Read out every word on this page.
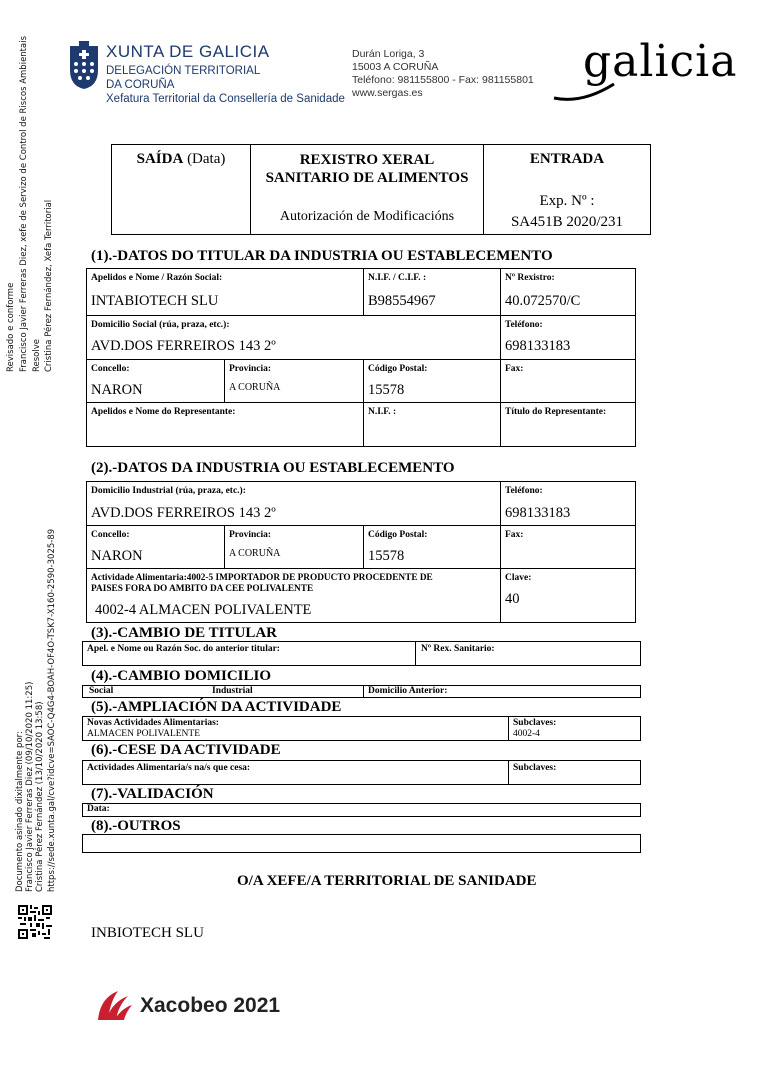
Revisado e conforme Francisco Javier Ferreras Diez, xefe de Servizo de Control de Riscos Ambientais Resolve Cristina Pérez Fernández, Xefa Territorial
Documento asinado dixitalmente por: Francisco Javier Ferreras Diez (09/10/2020 11:25) Cristina Pérez Fernández (13/10/2020 13:58) https://sede.xunta.gal/cve?idcve=SAOC-Q4G4-BOAH-OF4O-TSK7-X160-2590-3025-89
XUNTA DE GALICIA
DELEGACIÓN TERRITORIAL
DA CORUÑA
Xefatura Territorial da Consellería de Sanidade
Durán Loriga, 3
15003 A CORUÑA
Teléfono: 981155800 - Fax: 981155801
www.sergas.es
galicia
SAÍDA (Data)	REXISTRO XERAL
SANITARIO DE ALIMENTOS
Autorización de Modificacións
ENTRADA
Exp. Nº :
SA451B 2020/231
(1).-DATOS DO TITULAR DA INDUSTRIA OU ESTABLECEMENTO
Apelidos e Nome / Razón Social:
INTABIOTECH SLU
N.I.F. / C.I.F. :
B98554967
Nº Rexistro:
40.072570/C
Domicilio Social (rúa, praza, etc.):
AVD.DOS FERREIROS 143 2º
Teléfono:
698133183
Concello:
NARON
Provincia:
A CORUÑA
Código Postal:
15578
Fax:
Apelidos e Nome do Representante:	N.I.F. :	Título do Representante:
(2).-DATOS DA INDUSTRIA OU ESTABLECEMENTO
Domicilio Industrial (rúa, praza, etc.):
AVD.DOS FERREIROS 143 2º
Teléfono:
698133183
Concello:
NARON
Provincia:
A CORUÑA
Código Postal:
15578
Fax:
Actividade Alimentaria:4002-5 IMPORTADOR DE PRODUCTO PROCEDENTE DE
PAISES FORA DO AMBITO DA CEE POLIVALENTE
4002-4 ALMACEN POLIVALENTE
Clave:
40
(3).-CAMBIO DE TITULAR
Apel. e Nome ou Razón Soc. do anterior titular:	Nº Rex. Sanitario:
(4).-CAMBIO DOMICILIO
Social	Industrial	Domicilio Anterior:
(5).-AMPLIACIÓN DA ACTIVIDADE
Novas Actividades Alimentarias:
ALMACEN POLIVALENTE
Subclaves:
4002-4
(6).-CESE DA ACTIVIDADE
Actividades Alimentaria/s na/s que cesa:	Subclaves:
(7).-VALIDACIÓN
Data:
(8).-OUTROS
O/A XEFE/A TERRITORIAL DE SANIDADE
INBIOTECH SLU
Xacobeo 2021
